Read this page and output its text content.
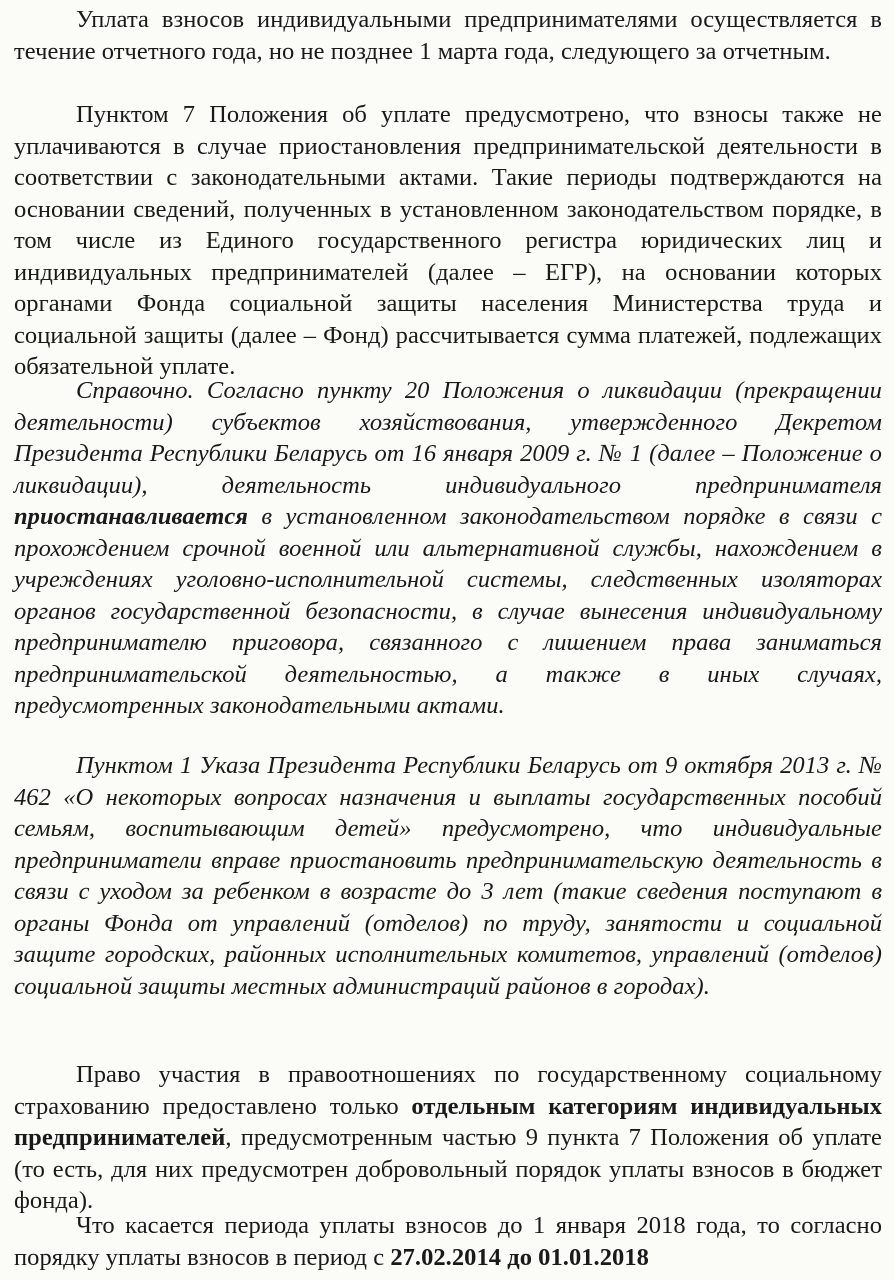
Уплата взносов индивидуальными предпринимателями осуществляется в течение отчетного года, но не позднее 1 марта года, следующего за отчетным.

Пунктом 7 Положения об уплате предусмотрено, что взносы также не уплачиваются в случае приостановления предпринимательской деятельности в соответствии с законодательными актами. Такие периоды подтверждаются на основании сведений, полученных в установленном законодательством порядке, в том числе из Единого государственного регистра юридических лиц и индивидуальных предпринимателей (далее – ЕГР), на основании которых органами Фонда социальной защиты населения Министерства труда и социальной защиты (далее – Фонд) рассчитывается сумма платежей, подлежащих обязательной уплате.

Справочно. Согласно пункту 20 Положения о ликвидации (прекращении деятельности) субъектов хозяйствования, утвержденного Декретом Президента Республики Беларусь от 16 января 2009 г. № 1 (далее – Положение о ликвидации), деятельность индивидуального предпринимателя приостанавливается в установленном законодательством порядке в связи с прохождением срочной военной или альтернативной службы, нахождением в учреждениях уголовно-исполнительной системы, следственных изоляторах органов государственной безопасности, в случае вынесения индивидуальному предпринимателю приговора, связанного с лишением права заниматься предпринимательской деятельностью, а также в иных случаях, предусмотренных законодательными актами.

Пунктом 1 Указа Президента Республики Беларусь от 9 октября 2013 г. № 462 «О некоторых вопросах назначения и выплаты государственных пособий семьям, воспитывающим детей» предусмотрено, что индивидуальные предприниматели вправе приостановить предпринимательскую деятельность в связи с уходом за ребенком в возрасте до 3 лет (такие сведения поступают в органы Фонда от управлений (отделов) по труду, занятости и социальной защите городских, районных исполнительных комитетов, управлений (отделов) социальной защиты местных администраций районов в городах).

Право участия в правоотношениях по государственному социальному страхованию предоставлено только отдельным категориям индивидуальных предпринимателей, предусмотренным частью 9 пункта 7 Положения об уплате (то есть, для них предусмотрен добровольный порядок уплаты взносов в бюджет фонда).

Что касается периода уплаты взносов до 1 января 2018 года, то согласно порядку уплаты взносов в период с 27.02.2014 до 01.01.2018
